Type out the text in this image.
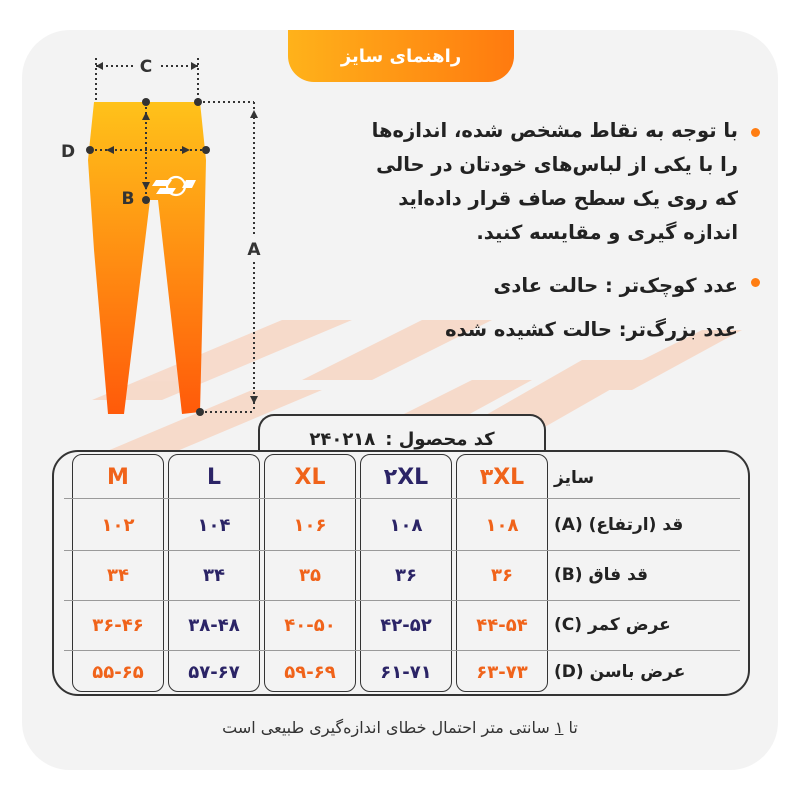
راهنمای سایز
C
D
B
A
با توجه به نقاط مشخص شده، اندازه‌ها
را با یکی از لباس‌های خودتان در حالی
که روی یک سطح صاف قرار داده‌اید
اندازه گیری و مقایسه کنید.
عدد کوچک‌تر : حالت عادی
عدد بزرگ‌تر: حالت کشیده شده
کد محصول :
۲۴۰۲۱۸
سایز
۳XL
۲XL
XL
L
M
قد (ارتفاع) (A)
۱۰۸
۱۰۸
۱۰۶
۱۰۴
۱۰۲
قد فاق (B)
۳۶
۳۶
۳۵
۳۴
۳۴
عرض کمر (C)
۴۴-۵۴
۴۲-۵۲
۴۰-۵۰
۳۸-۴۸
۳۶-۴۶
عرض باسن (D)
۶۳-۷۳
۶۱-۷۱
۵۹-۶۹
۵۷-۶۷
۵۵-۶۵
تا ۱ سانتی متر احتمال خطای اندازه‌گیری طبیعی است
